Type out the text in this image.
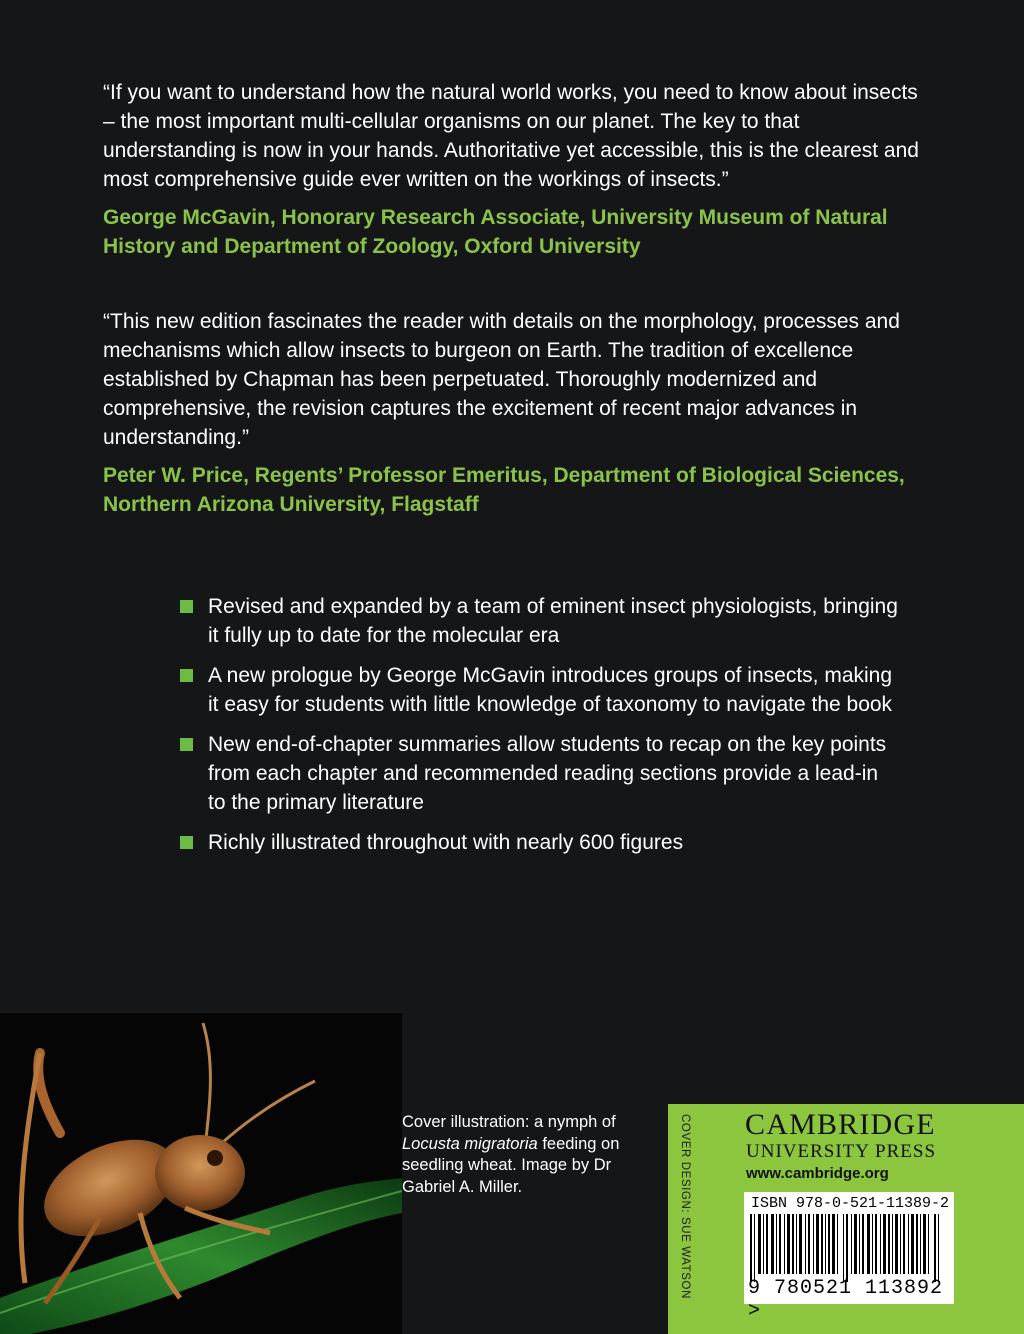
“If you want to understand how the natural world works, you need to know about insects – the most important multi-cellular organisms on our planet. The key to that understanding is now in your hands. Authoritative yet accessible, this is the clearest and most comprehensive guide ever written on the workings of insects.”
George McGavin, Honorary Research Associate, University Museum of Natural History and Department of Zoology, Oxford University
“This new edition fascinates the reader with details on the morphology, processes and mechanisms which allow insects to burgeon on Earth. The tradition of excellence established by Chapman has been perpetuated. Thoroughly modernized and comprehensive, the revision captures the excitement of recent major advances in understanding.”
Peter W. Price, Regents’ Professor Emeritus, Department of Biological Sciences, Northern Arizona University, Flagstaff
Revised and expanded by a team of eminent insect physiologists, bringing it fully up to date for the molecular era
A new prologue by George McGavin introduces groups of insects, making it easy for students with little knowledge of taxonomy to navigate the book
New end-of-chapter summaries allow students to recap on the key points from each chapter and recommended reading sections provide a lead-in to the primary literature
Richly illustrated throughout with nearly 600 figures
Cover illustration: a nymph of
Locusta migratoria feeding on seedling wheat. Image by Dr Gabriel A. Miller.	COVER DESIGN: SUE WATSON CAMBRIDGE
UNIVERSITY PRESS
www.cambridge.org
ISBN 978-0-521-11389-2
9 780521 113892 >
